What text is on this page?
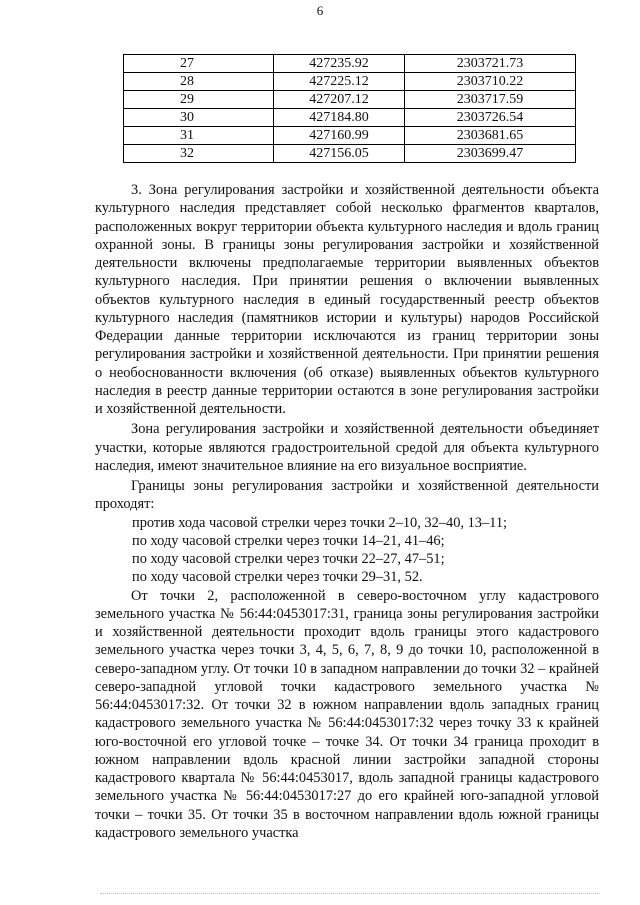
6
27	427235.92	2303721.73
28	427225.12	2303710.22
29	427207.12	2303717.59
30	427184.80	2303726.54
31	427160.99	2303681.65
32	427156.05	2303699.47

3. Зона регулирования застройки и хозяйственной деятельности объекта культурного наследия представляет собой несколько фрагментов кварталов, расположенных вокруг территории объекта культурного наследия и вдоль границ охранной зоны. В границы зоны регулирования застройки и хозяйственной деятельности включены предполагаемые территории выявленных объектов культурного наследия. При принятии решения о включении выявленных объектов культурного наследия в единый государственный реестр объектов культурного наследия (памятников истории и культуры) народов Российской Федерации данные территории исключаются из границ территории зоны регулирования застройки и хозяйственной деятельности. При принятии решения о необоснованности включения (об отказе) выявленных объектов культурного наследия в реестр данные территории остаются в зоне регулирования застройки и хозяйственной деятельности.

Зона регулирования застройки и хозяйственной деятельности объединяет участки, которые являются градостроительной средой для объекта культурного наследия, имеют значительное влияние на его визуальное восприятие.

Границы зоны регулирования застройки и хозяйственной деятельности проходят:

против хода часовой стрелки через точки 2–10, 32–40, 13–11;

по ходу часовой стрелки через точки 14–21, 41–46;

по ходу часовой стрелки через точки 22–27, 47–51;

по ходу часовой стрелки через точки 29–31, 52.

От точки 2, расположенной в северо-восточном углу кадастрового земельного участка № 56:44:0453017:31, граница зоны регулирования застройки и хозяйственной деятельности проходит вдоль границы этого кадастрового земельного участка через точки 3, 4, 5, 6, 7, 8, 9 до точки 10, расположенной в северо-западном углу. От точки 10 в западном направлении до точки 32 – крайней северо-западной угловой точки кадастрового земельного участка № 56:44:0453017:32. От точки 32 в южном направлении вдоль западных границ кадастрового земельного участка № 56:44:0453017:32 через точку 33 к крайней юго-восточной его угловой точке – точке 34. От точки 34 граница проходит в южном направлении вдоль красной линии застройки западной стороны кадастрового квартала № 56:44:0453017, вдоль западной границы кадастрового земельного участка № 56:44:0453017:27 до его крайней юго-западной угловой точки – точки 35. От точки 35 в восточном направлении вдоль южной границы кадастрового земельного участка
